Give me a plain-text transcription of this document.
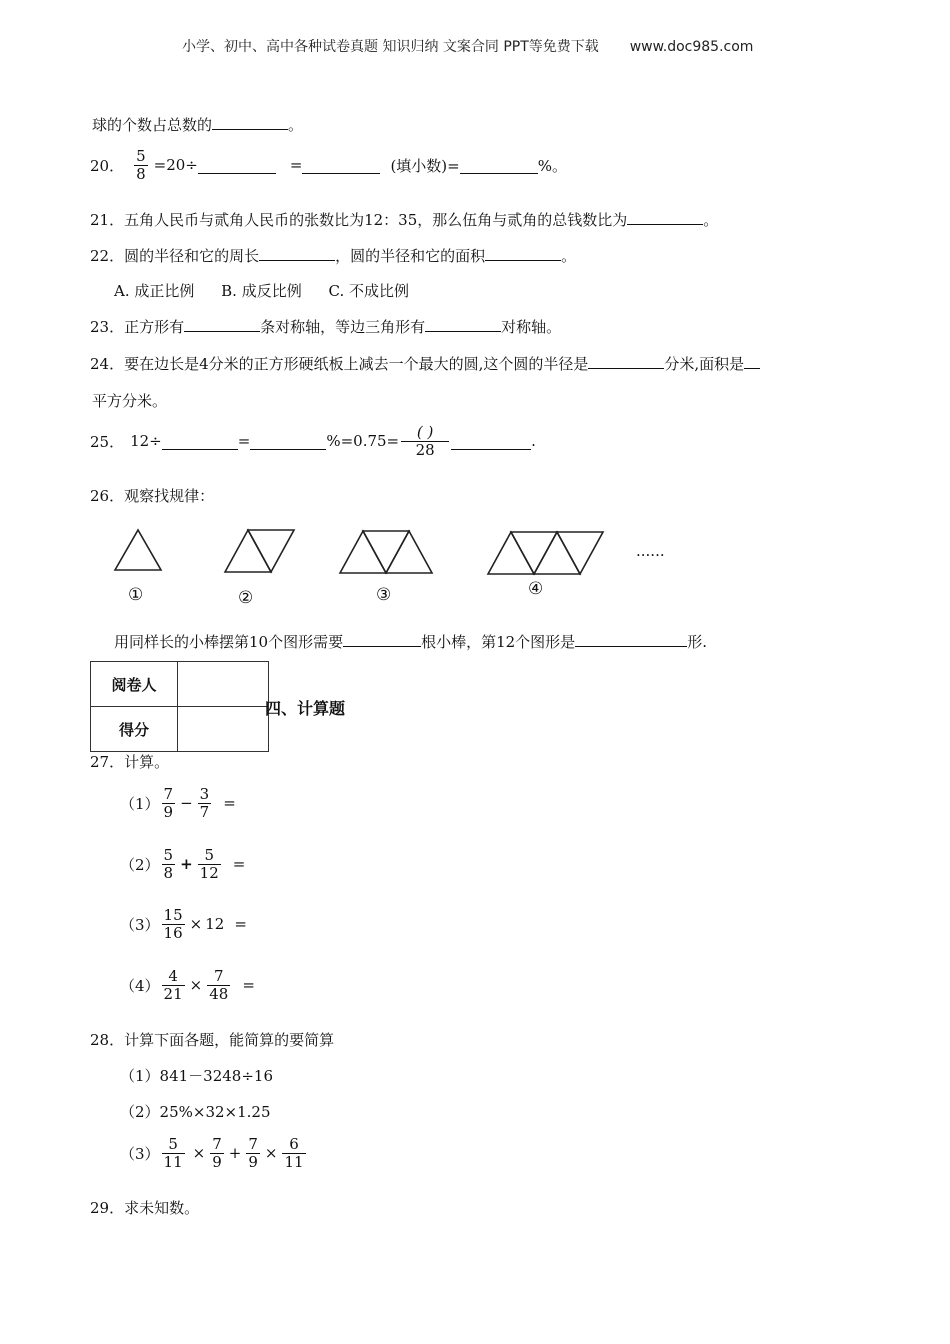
小学、初中、高中各种试卷真题 知识归纳 文案合同 PPT等免费下载 www.doc985.com
球的个数占总数的	。
20． $\frac{5}{8} =20\div$	=	(填小数)=	%。
21．五角人民币与贰角人民币的张数比为12：35，那么伍角与贰角的总钱数比为	。
22．圆的半径和它的周长	，圆的半径和它的面积	。
A. 成正比例 B. 成反比例 C. 不成比例
23．正方形有	条对称轴，等边三角形有	对称轴。
24．要在边长是4分米的正方形硬纸板上减去一个最大的圆,这个圆的半径是	分米,面积是
平方分米。
25． 12÷	=	$\%=0.75= \frac{( )}{28}$	.
26．观察找规律：
......
①	②	③	④
用同样长的小棒摆第10个图形需要	根小棒，第12个图形是	形.
阅卷人	
得分	
四、计算题
27．计算。
$(1) \frac{7}{9} - \frac{3}{7}$ =
$(2) \frac{5}{8} + \frac{5}{12}$ =
$(3) \frac{15}{16} \times 12$ =
$(4) \frac{4}{21} \times \frac{7}{48}$ =
28．计算下面各题，能简算的要简算
（1）841－3248÷16
（2）25%×32×1.25
$(3) \frac{5}{11} \times \frac{7}{9} + \frac{7}{9} \times \frac{6}{11}$
29．求未知数。
